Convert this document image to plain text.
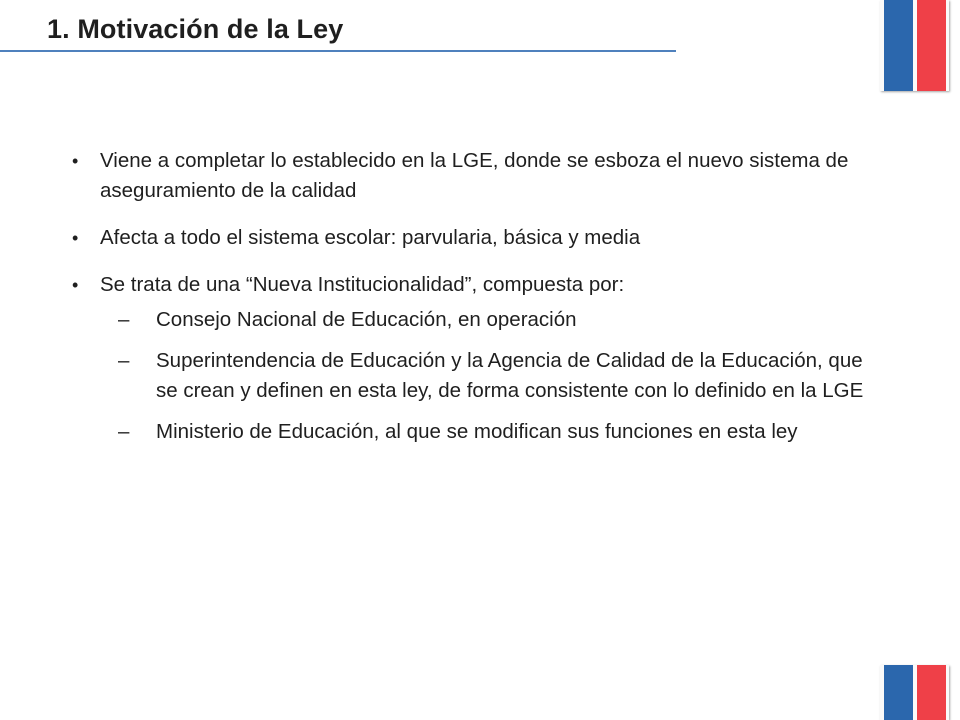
1. Motivación de la Ley
• Viene a completar lo establecido en la LGE, donde se esboza el nuevo sistema de aseguramiento de la calidad
• Afecta a todo el sistema escolar: parvularia, básica y media
• Se trata de una “Nueva Institucionalidad”, compuesta por:
– Consejo Nacional de Educación, en operación
– Superintendencia de Educación y la Agencia de Calidad de la Educación, que se crean y definen en esta ley, de forma consistente con lo definido en la LGE
– Ministerio de Educación, al que se modifican sus funciones en esta ley
